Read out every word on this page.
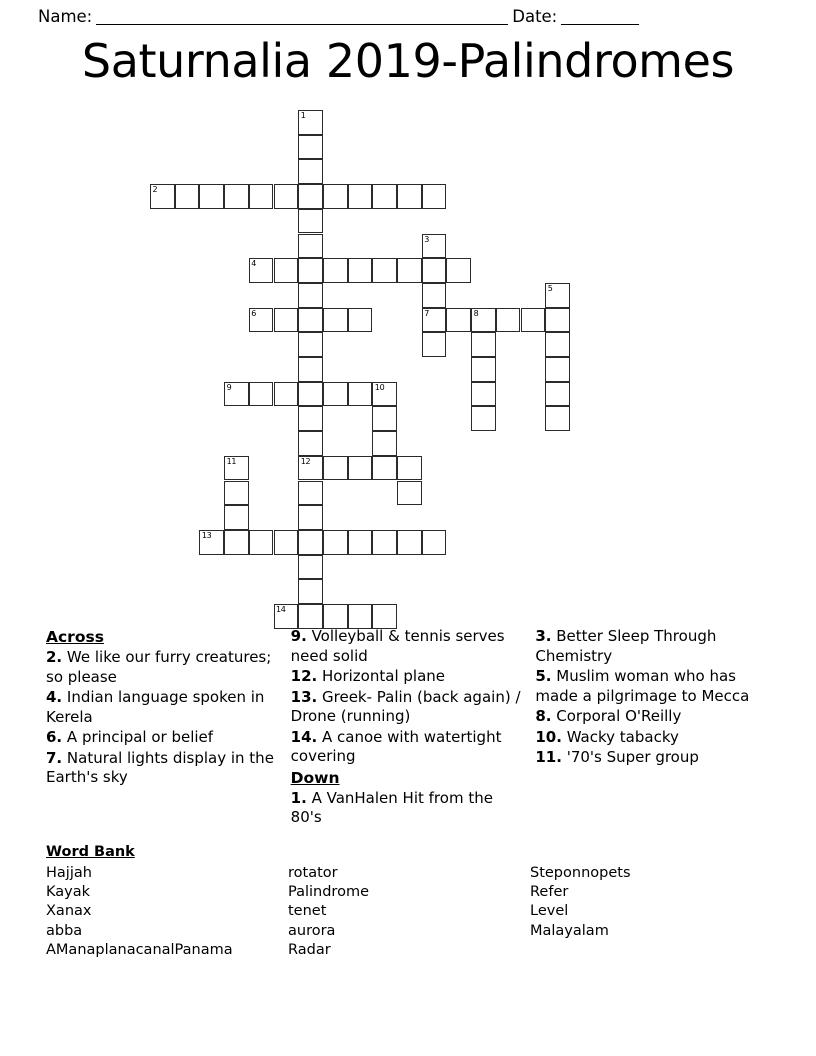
Name:	Date:
Saturnalia 2019-Palindromes
1
12
2
3
7
4
5
6	8
9	10
11
13
14
Across
2. We like our furry creatures; so please
4. Indian language spoken in Kerela
6. A principal or belief
7. Natural lights display in the Earth's sky
9. Volleyball & tennis serves need solid
12. Horizontal plane
13. Greek- Palin (back again) / Drone (running)
14. A canoe with watertight covering
Down
1. A VanHalen Hit from the 80's
3. Better Sleep Through Chemistry
5. Muslim woman who has made a pilgrimage to Mecca
8. Corporal O'Reilly
10. Wacky tabacky
11. '70's Super group
Word Bank
Hajjah
Kayak
Xanax
abba
AManaplanacanalPanama
rotator
Palindrome
tenet
aurora
Radar
Steponnopets
Refer
Level
Malayalam
